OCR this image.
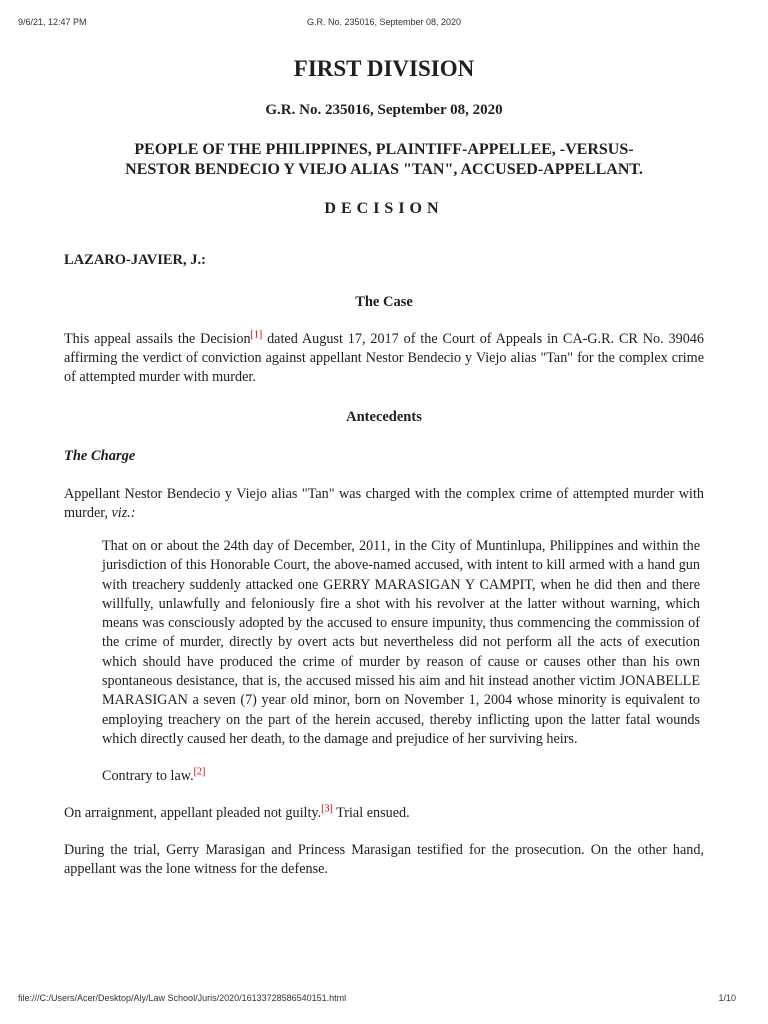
9/6/21, 12:47 PM	G.R. No. 235016, September 08, 2020
FIRST DIVISION
G.R. No. 235016, September 08, 2020
PEOPLE OF THE PHILIPPINES, PLAINTIFF-APPELLEE, -VERSUS-
NESTOR BENDECIO Y VIEJO ALIAS "TAN", ACCUSED-APPELLANT.
DECISION
LAZARO-JAVIER, J.:
The Case

This appeal assails the Decision[1] dated August 17, 2017 of the Court of Appeals in CA-G.R. CR No. 39046 affirming the verdict of conviction against appellant Nestor Bendecio y Viejo alias "Tan" for the complex crime of attempted murder with murder.

Antecedents
The Charge

Appellant Nestor Bendecio y Viejo alias "Tan" was charged with the complex crime of attempted murder with murder, viz.:

That on or about the 24th day of December, 2011, in the City of Muntinlupa, Philippines and within the jurisdiction of this Honorable Court, the above-named accused, with intent to kill armed with a hand gun with treachery suddenly attacked one GERRY MARASIGAN Y CAMPIT, when he did then and there willfully, unlawfully and feloniously fire a shot with his revolver at the latter without warning, which means was consciously adopted by the accused to ensure impunity, thus commencing the commission of the crime of murder, directly by overt acts but nevertheless did not perform all the acts of execution which should have produced the crime of murder by reason of cause or causes other than his own spontaneous desistance, that is, the accused missed his aim and hit instead another victim JONABELLE MARASIGAN a seven (7) year old minor, born on November 1, 2004 whose minority is equivalent to employing treachery on the part of the herein accused, thereby inflicting upon the latter fatal wounds which directly caused her death, to the damage and prejudice of her surviving heirs.

Contrary to law.[2]

On arraignment, appellant pleaded not guilty.[3] Trial ensued.

During the trial, Gerry Marasigan and Princess Marasigan testified for the prosecution. On the other hand, appellant was the lone witness for the defense.

file:///C:/Users/Acer/Desktop/Aly/Law School/Juris/2020/16133728586540151.html	1/10
